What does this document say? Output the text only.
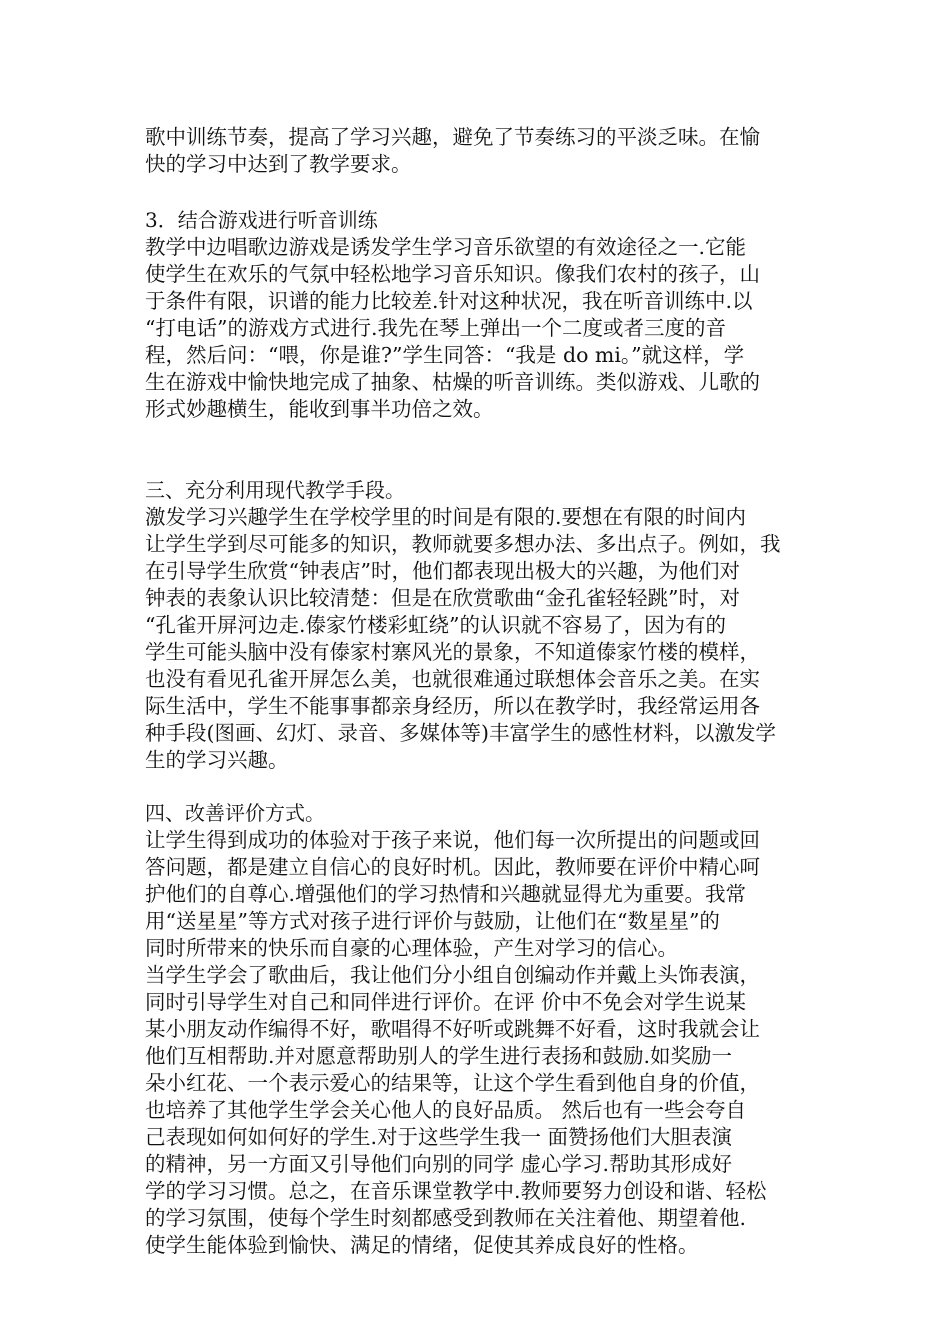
歌中训练节奏，提高了学习兴趣，避免了节奏练习的平淡乏味。在愉
快的学习中达到了教学要求。
3．结合游戏进行听音训练
教学中边唱歌边游戏是诱发学生学习音乐欲望的有效途径之一.它能
使学生在欢乐的气氛中轻松地学习音乐知识。像我们农村的孩子，山
于条件有限，识谱的能力比较差.针对这种状况，我在听音训练中.以
“打电话”的游戏方式进行.我先在琴上弹出一个二度或者三度的音
程，然后问：“喂，你是谁?”学生同答：“我是 do mi。”就这样，学
生在游戏中愉快地完成了抽象、枯燥的听音训练。类似游戏、儿歌的
形式妙趣横生，能收到事半功倍之效。
三、充分利用现代教学手段。
激发学习兴趣学生在学校学里的时间是有限的.要想在有限的时间内
让学生学到尽可能多的知识，教师就要多想办法、多出点子。例如，我
在引导学生欣赏“钟表店”时，他们都表现出极大的兴趣，为他们对
钟表的表象认识比较清楚：但是在欣赏歌曲“金孔雀轻轻跳”时，对
“孔雀开屏河边走.傣家竹楼彩虹绕”的认识就不容易了，因为有的
学生可能头脑中没有傣家村寨风光的景象，不知道傣家竹楼的模样，
也没有看见孔雀开屏怎么美，也就很难通过联想体会音乐之美。在实
际生活中，学生不能事事都亲身经历，所以在教学时，我经常运用各
种手段(图画、幻灯、录音、多媒体等)丰富学生的感性材料，以激发学
生的学习兴趣。
四、改善评价方式。
让学生得到成功的体验对于孩子来说，他们每一次所提出的问题或回
答问题，都是建立自信心的良好时机。因此，教师要在评价中精心呵
护他们的自尊心.增强他们的学习热情和兴趣就显得尤为重要。我常
用“送星星”等方式对孩子进行评价与鼓励，让他们在“数星星”的
同时所带来的快乐而自豪的心理体验，产生对学习的信心。
当学生学会了歌曲后，我让他们分小组自创编动作并戴上头饰表演，
同时引导学生对自己和同伴进行评价。在评 价中不免会对学生说某
某小朋友动作编得不好，歌唱得不好听或跳舞不好看，这时我就会让
他们互相帮助.并对愿意帮助别人的学生进行表扬和鼓励.如奖励一
朵小红花、一个表示爱心的结果等，让这个学生看到他自身的价值，
也培养了其他学生学会关心他人的良好品质。 然后也有一些会夸自
己表现如何如何好的学生.对于这些学生我一 面赞扬他们大胆表演
的精神，另一方面又引导他们向别的同学 虚心学习.帮助其形成好
学的学习习惯。总之，在音乐课堂教学中.教师要努力创设和谐、轻松
的学习氛围，使每个学生时刻都感受到教师在关注着他、期望着他.
使学生能体验到愉快、满足的情绪，促使其养成良好的性格。
